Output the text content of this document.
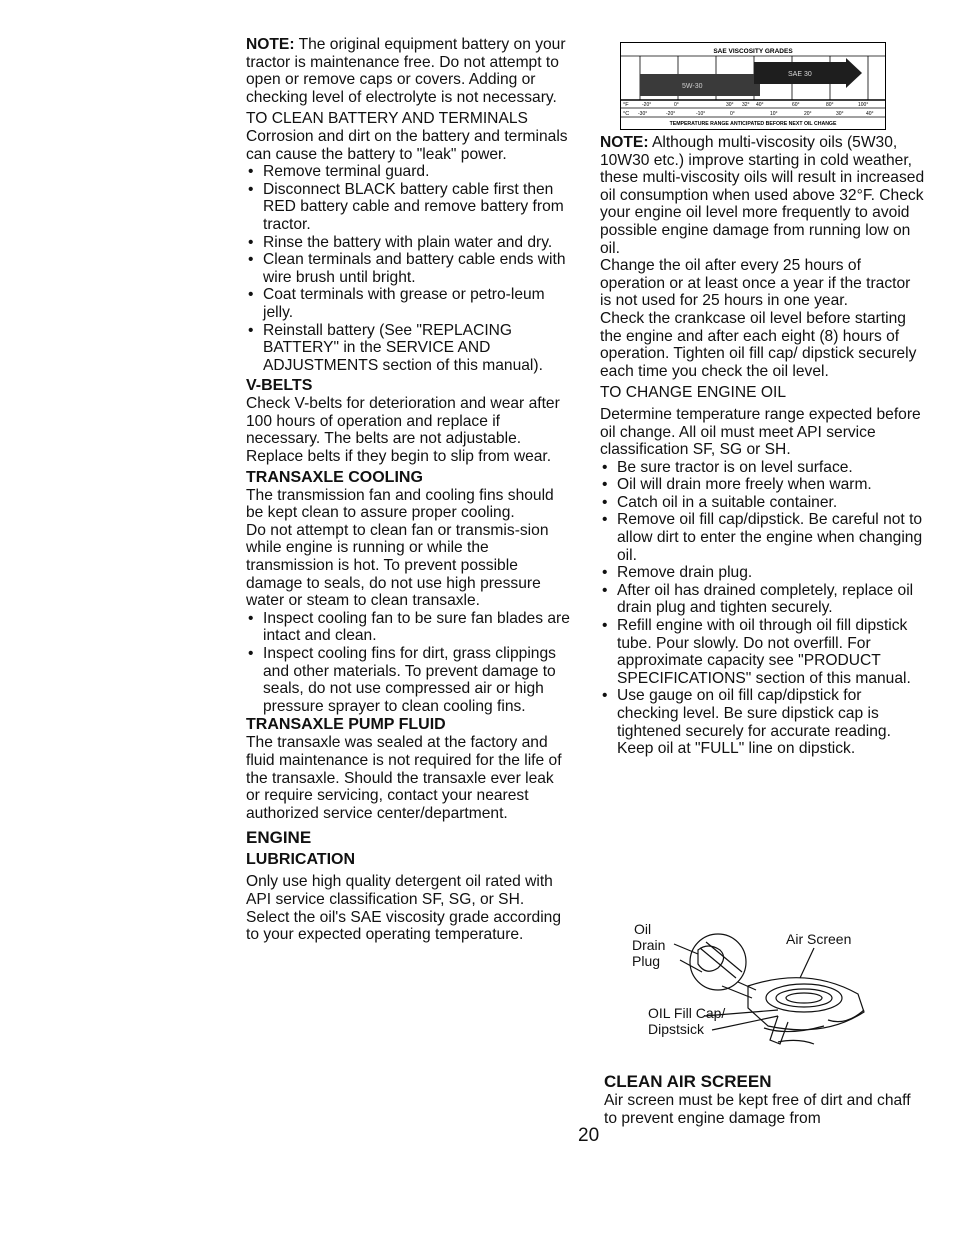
NOTE: The original equipment battery on your tractor is maintenance free. Do not attempt to open or remove caps or covers. Adding or checking level of electrolyte is not necessary.

TO CLEAN BATTERY AND TERMINALS

Corrosion and dirt on the battery and terminals can cause the battery to "leak" power.

• Remove terminal guard.
• Disconnect BLACK battery cable first then RED battery cable and remove battery from tractor.
• Rinse the battery with plain water and dry.
• Clean terminals and battery cable ends with wire brush until bright.
• Coat terminals with grease or petro-leum jelly.
• Reinstall battery (See "REPLACING BATTERY" in the SERVICE AND ADJUSTMENTS section of this manual).

V-BELTS

Check V-belts for deterioration and wear after 100 hours of operation and replace if necessary. The belts are not adjustable. Replace belts if they begin to slip from wear.

TRANSAXLE COOLING

The transmission fan and cooling fins should be kept clean to assure proper cooling.

Do not attempt to clean fan or transmis-sion while engine is running or while the transmission is hot. To prevent possible damage to seals, do not use high pressure water or steam to clean transaxle.

• Inspect cooling fan to be sure fan blades are intact and clean.
• Inspect cooling fins for dirt, grass clippings and other materials. To prevent damage to seals, do not use compressed air or high pressure sprayer to clean cooling fins.

TRANSAXLE PUMP FLUID

The transaxle was sealed at the factory and fluid maintenance is not required for the life of the transaxle. Should the transaxle ever leak or require servicing, contact your nearest authorized service center/department.

ENGINE

LUBRICATION

Only use high quality detergent oil rated with API service classification SF, SG, or SH. Select the oil's SAE viscosity grade according to your expected operating temperature.

SAE VISCOSITY GRADES
5W-30
SAE 30
°F	-20°	0°	30° 32° 40°	60°	80°	100°
°C -30°	-20°	-10°	0°	10°	20°	30°	40°
TEMPERATURE RANGE ANTICIPATED BEFORE NEXT OIL CHANGE

NOTE: Although multi-viscosity oils (5W30, 10W30 etc.) improve starting in cold weather, these multi-viscosity oils will result in increased oil consumption when used above 32°F. Check your engine oil level more frequently to avoid possible engine damage from running low on oil.

Change the oil after every 25 hours of operation or at least once a year if the tractor is not used for 25 hours in one year.

Check the crankcase oil level before starting the engine and after each eight (8) hours of operation. Tighten oil fill cap/ dipstick securely each time you check the oil level.

TO CHANGE ENGINE OIL

Determine temperature range expected before oil change. All oil must meet API service classification SF, SG or SH.

• Be sure tractor is on level surface.
• Oil will drain more freely when warm.
• Catch oil in a suitable container.
• Remove oil fill cap/dipstick. Be careful not to allow dirt to enter the engine when changing oil.
• Remove drain plug.
• After oil has drained completely, replace oil drain plug and tighten securely.
• Refill engine with oil through oil fill dipstick tube. Pour slowly. Do not overfill. For approximate capacity see "PRODUCT SPECIFICATIONS" section of this manual.
• Use gauge on oil fill cap/dipstick for checking level. Be sure dipstick cap is tightened securely for accurate reading. Keep oil at "FULL" line on dipstick.
Oil
Drain
Plug
Air Screen
OIL Fill Cap/
Dipstsick

CLEAN AIR SCREEN

Air screen must be kept free of dirt and chaff to prevent engine damage from

20
